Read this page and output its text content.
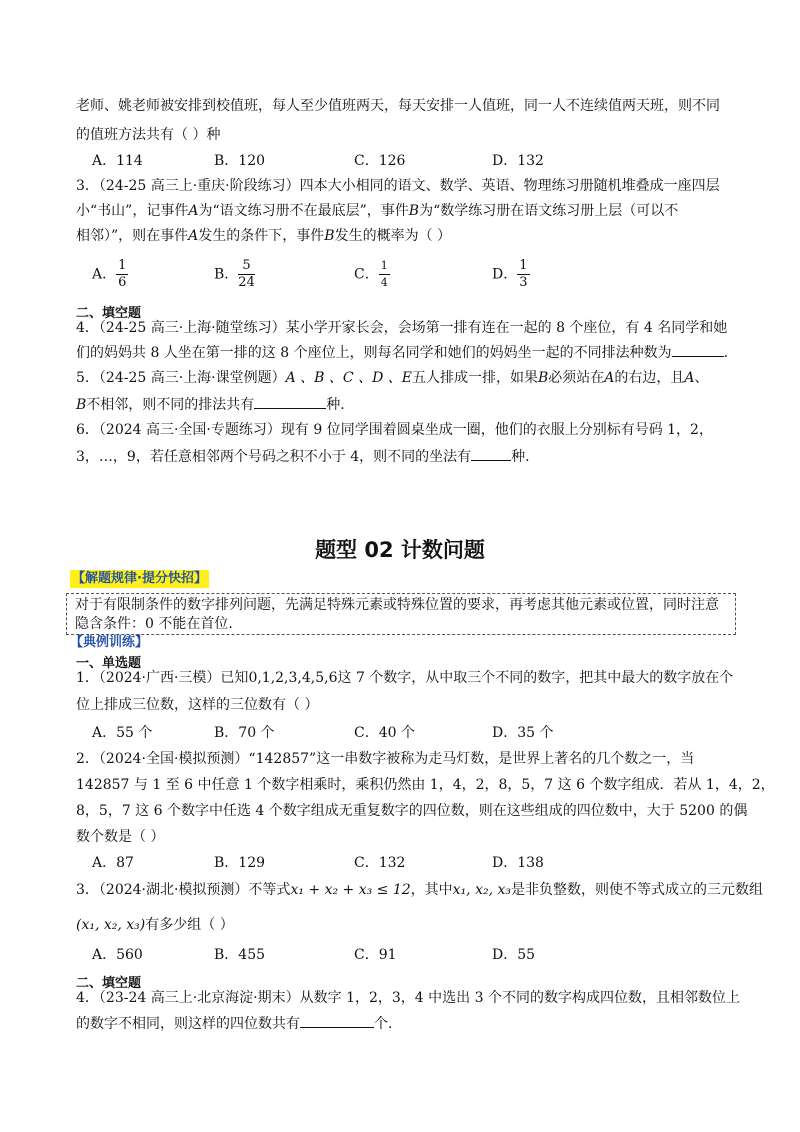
老师、姚老师被安排到校值班，每人至少值班两天，每天安排一人值班，同一人不连续值两天班，则不同
的值班方法共有（ ）种
A．114	B．120	C．126	D．132
3．（24-25 高三上·重庆·阶段练习）四本大小相同的语文、数学、英语、物理练习册随机堆叠成一座四层
小“书山”，记事件A为“语文练习册不在最底层”，事件B为“数学练习册在语文练习册上层（可以不
相邻）”，则在事件A发生的条件下，事件B发生的概率为（ ）
A． $\frac{1}{6}$	B． $\frac{5}{24}$	C． $\frac{1}{4}$	D． $\frac{1}{3}$
二、填空题
4．（24-25 高三·上海·随堂练习）某小学开家长会，会场第一排有连在一起的 8 个座位，有 4 名同学和她
们的妈妈共 8 人坐在第一排的这 8 个座位上，则每名同学和她们的妈妈坐一起的不同排法种数为	.
5．（24-25 高三·上海·课堂例题）A 、B 、C 、D 、E五人排成一排，如果B必须站在A的右边，且A、
B不相邻，则不同的排法共有	种.
6．（2024 高三·全国·专题练习）现有 9 位同学围着圆桌坐成一圈，他们的衣服上分别标有号码 1，2，
3，…，9，若任意相邻两个号码之积不小于 4，则不同的坐法有	种.
题型 02 计数问题
【解题规律·提分快招】
对于有限制条件的数字排列问题，先满足特殊元素或特殊位置的要求，再考虑其他元素或位置，同时注意
隐含条件：0 不能在首位.
【典例训练】
一、单选题
1．（2024·广西·三模）已知0,1,2,3,4,5,6这 7 个数字，从中取三个不同的数字，把其中最大的数字放在个
位上排成三位数，这样的三位数有（ ）
A．55 个	B．70 个	C．40 个	D．35 个
2．（2024·全国·模拟预测）“142857”这一串数字被称为走马灯数，是世界上著名的几个数之一，当
142857 与 1 至 6 中任意 1 个数字相乘时，乘积仍然由 1，4，2，8，5，7 这 6 个数字组成．若从 1，4，2，
8，5，7 这 6 个数字中任选 4 个数字组成无重复数字的四位数，则在这些组成的四位数中，大于 5200 的偶
数个数是（ ）
A．87	B．129	C．132	D．138
3．（2024·湖北·模拟预测）不等式x₁ + x₂ + x₃ ≤ 12，其中x₁, x₂, x₃是非负整数，则使不等式成立的三元数组
(x₁, x₂, x₃)有多少组（ ）
A．560	B．455	C．91	D．55
二、填空题
4．（23-24 高三上·北京海淀·期末）从数字 1，2，3，4 中选出 3 个不同的数字构成四位数，且相邻数位上
的数字不相同，则这样的四位数共有	个.
